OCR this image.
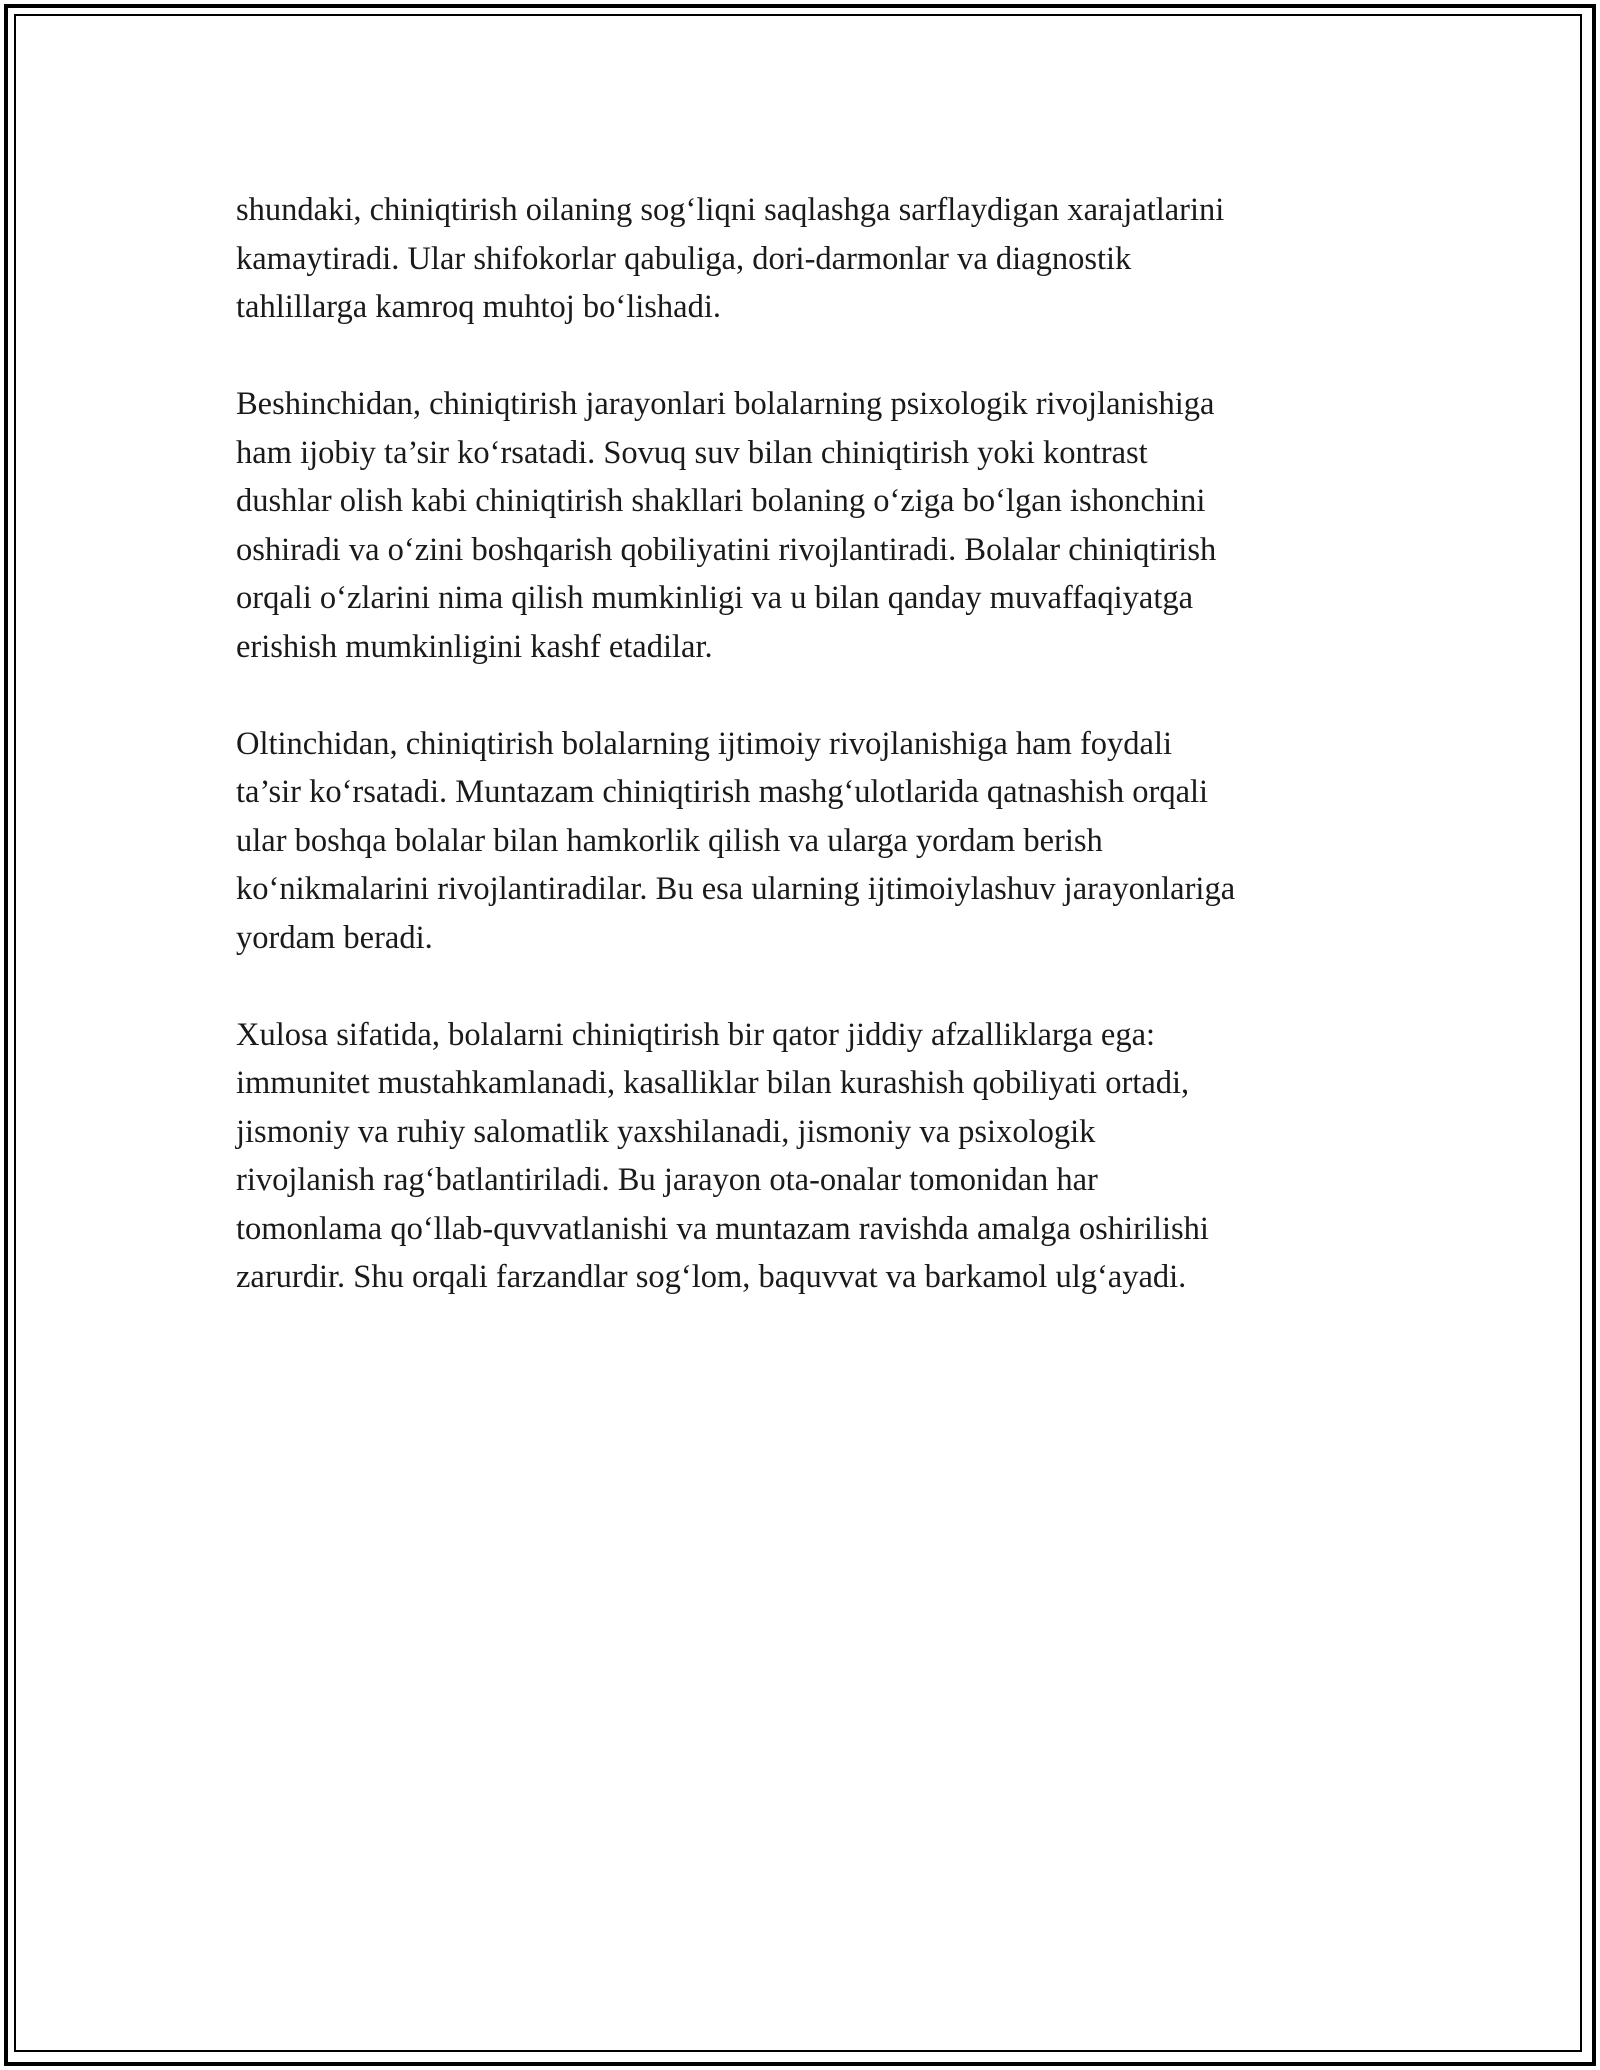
shundaki, chiniqtirish oilaning sog‘liqni saqlashga sarflaydigan xarajatlarini
kamaytiradi. Ular shifokorlar qabuliga, dori-darmonlar va diagnostik
tahlillarga kamroq muhtoj bo‘lishadi.

Beshinchidan, chiniqtirish jarayonlari bolalarning psixologik rivojlanishiga
ham ijobiy ta’sir ko‘rsatadi. Sovuq suv bilan chiniqtirish yoki kontrast
dushlar olish kabi chiniqtirish shakllari bolaning o‘ziga bo‘lgan ishonchini
oshiradi va o‘zini boshqarish qobiliyatini rivojlantiradi. Bolalar chiniqtirish
orqali o‘zlarini nima qilish mumkinligi va u bilan qanday muvaffaqiyatga
erishish mumkinligini kashf etadilar.

Oltinchidan, chiniqtirish bolalarning ijtimoiy rivojlanishiga ham foydali
ta’sir ko‘rsatadi. Muntazam chiniqtirish mashg‘ulotlarida qatnashish orqali
ular boshqa bolalar bilan hamkorlik qilish va ularga yordam berish
ko‘nikmalarini rivojlantiradilar. Bu esa ularning ijtimoiylashuv jarayonlariga
yordam beradi.

Xulosa sifatida, bolalarni chiniqtirish bir qator jiddiy afzalliklarga ega:
immunitet mustahkamlanadi, kasalliklar bilan kurashish qobiliyati ortadi,
jismoniy va ruhiy salomatlik yaxshilanadi, jismoniy va psixologik
rivojlanish rag‘batlantiriladi. Bu jarayon ota-onalar tomonidan har
tomonlama qo‘llab-quvvatlanishi va muntazam ravishda amalga oshirilishi
zarurdir. Shu orqali farzandlar sog‘lom, baquvvat va barkamol ulg‘ayadi.
